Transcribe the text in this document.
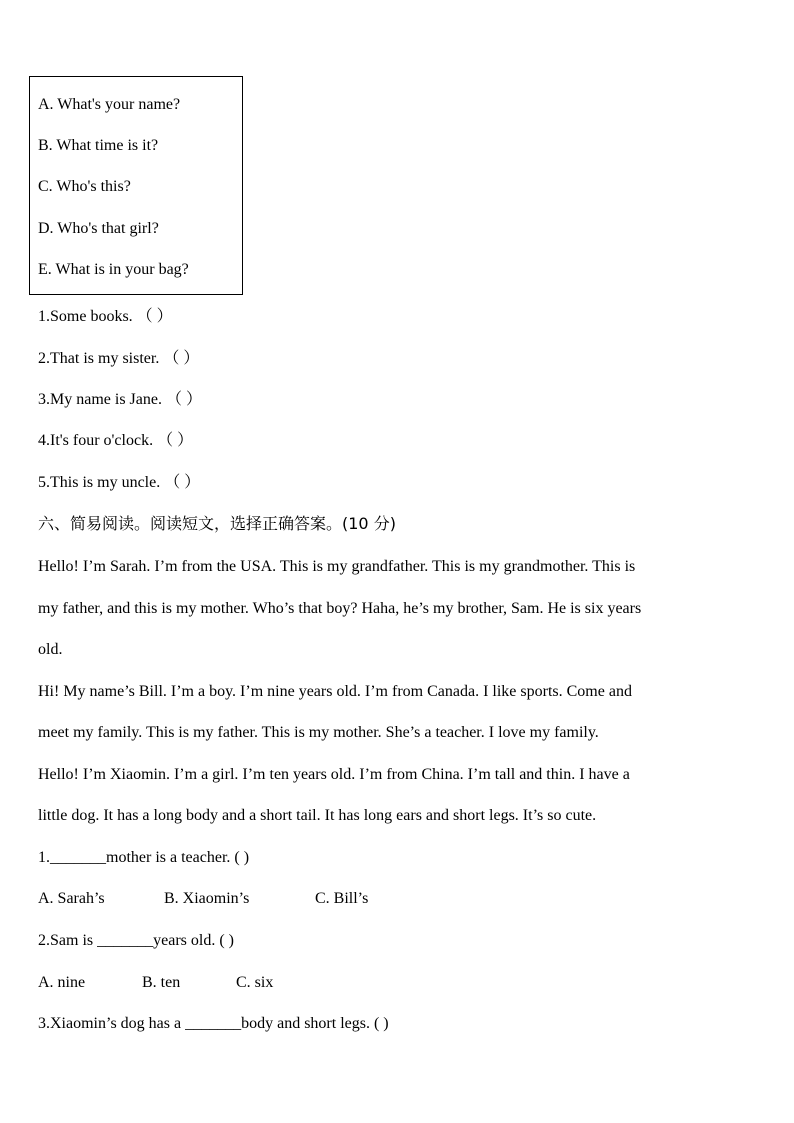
A. What's your name?
B. What time is it?
C. Who's this?
D. Who's that girl?
E. What is in your bag?
1.Some books. （ ）
2.That is my sister. （ ）
3.My name is Jane. （ ）
4.It's four o'clock. （ ）
5.This is my uncle. （ ）
六、简易阅读。阅读短文，选择正确答案。(10 分)
Hello! I’m Sarah. I’m from the USA. This is my grandfather. This is my grandmother. This is
my father, and this is my mother. Who’s that boy? Haha, he’s my brother, Sam. He is six years
old.
Hi! My name’s Bill. I’m a boy. I’m nine years old. I’m from Canada. I like sports. Come and
meet my family. This is my father. This is my mother. She’s a teacher. I love my family.
Hello! I’m Xiaomin. I’m a girl. I’m ten years old. I’m from China. I’m tall and thin. I have a
little dog. It has a long body and a short tail. It has long ears and short legs. It’s so cute.
1._______mother is a teacher. ( )
A. Sarah’s	B. Xiaomin’s	C. Bill’s
2.Sam is _______years old. ( )
A. nine	B. ten	C. six
3.Xiaomin’s dog has a _______body and short legs. ( )
